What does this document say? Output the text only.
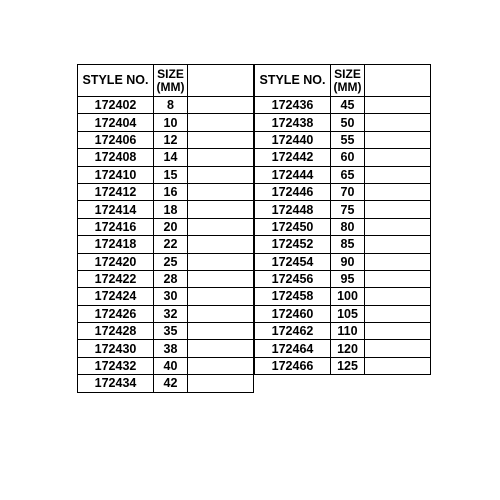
STYLE NO.	SIZE
(MM)	
172402	8	
172404	10	
172406	12	
172408	14	
172410	15	
172412	16	
172414	18	
172416	20	
172418	22	
172420	25	
172422	28	
172424	30	
172426	32	
172428	35	
172430	38	
172432	40	
172434	42	
STYLE NO.	SIZE
(MM)	
172436	45	
172438	50	
172440	55	
172442	60	
172444	65	
172446	70	
172448	75	
172450	80	
172452	85	
172454	90	
172456	95	
172458	100	
172460	105	
172462	110	
172464	120	
172466	125	
